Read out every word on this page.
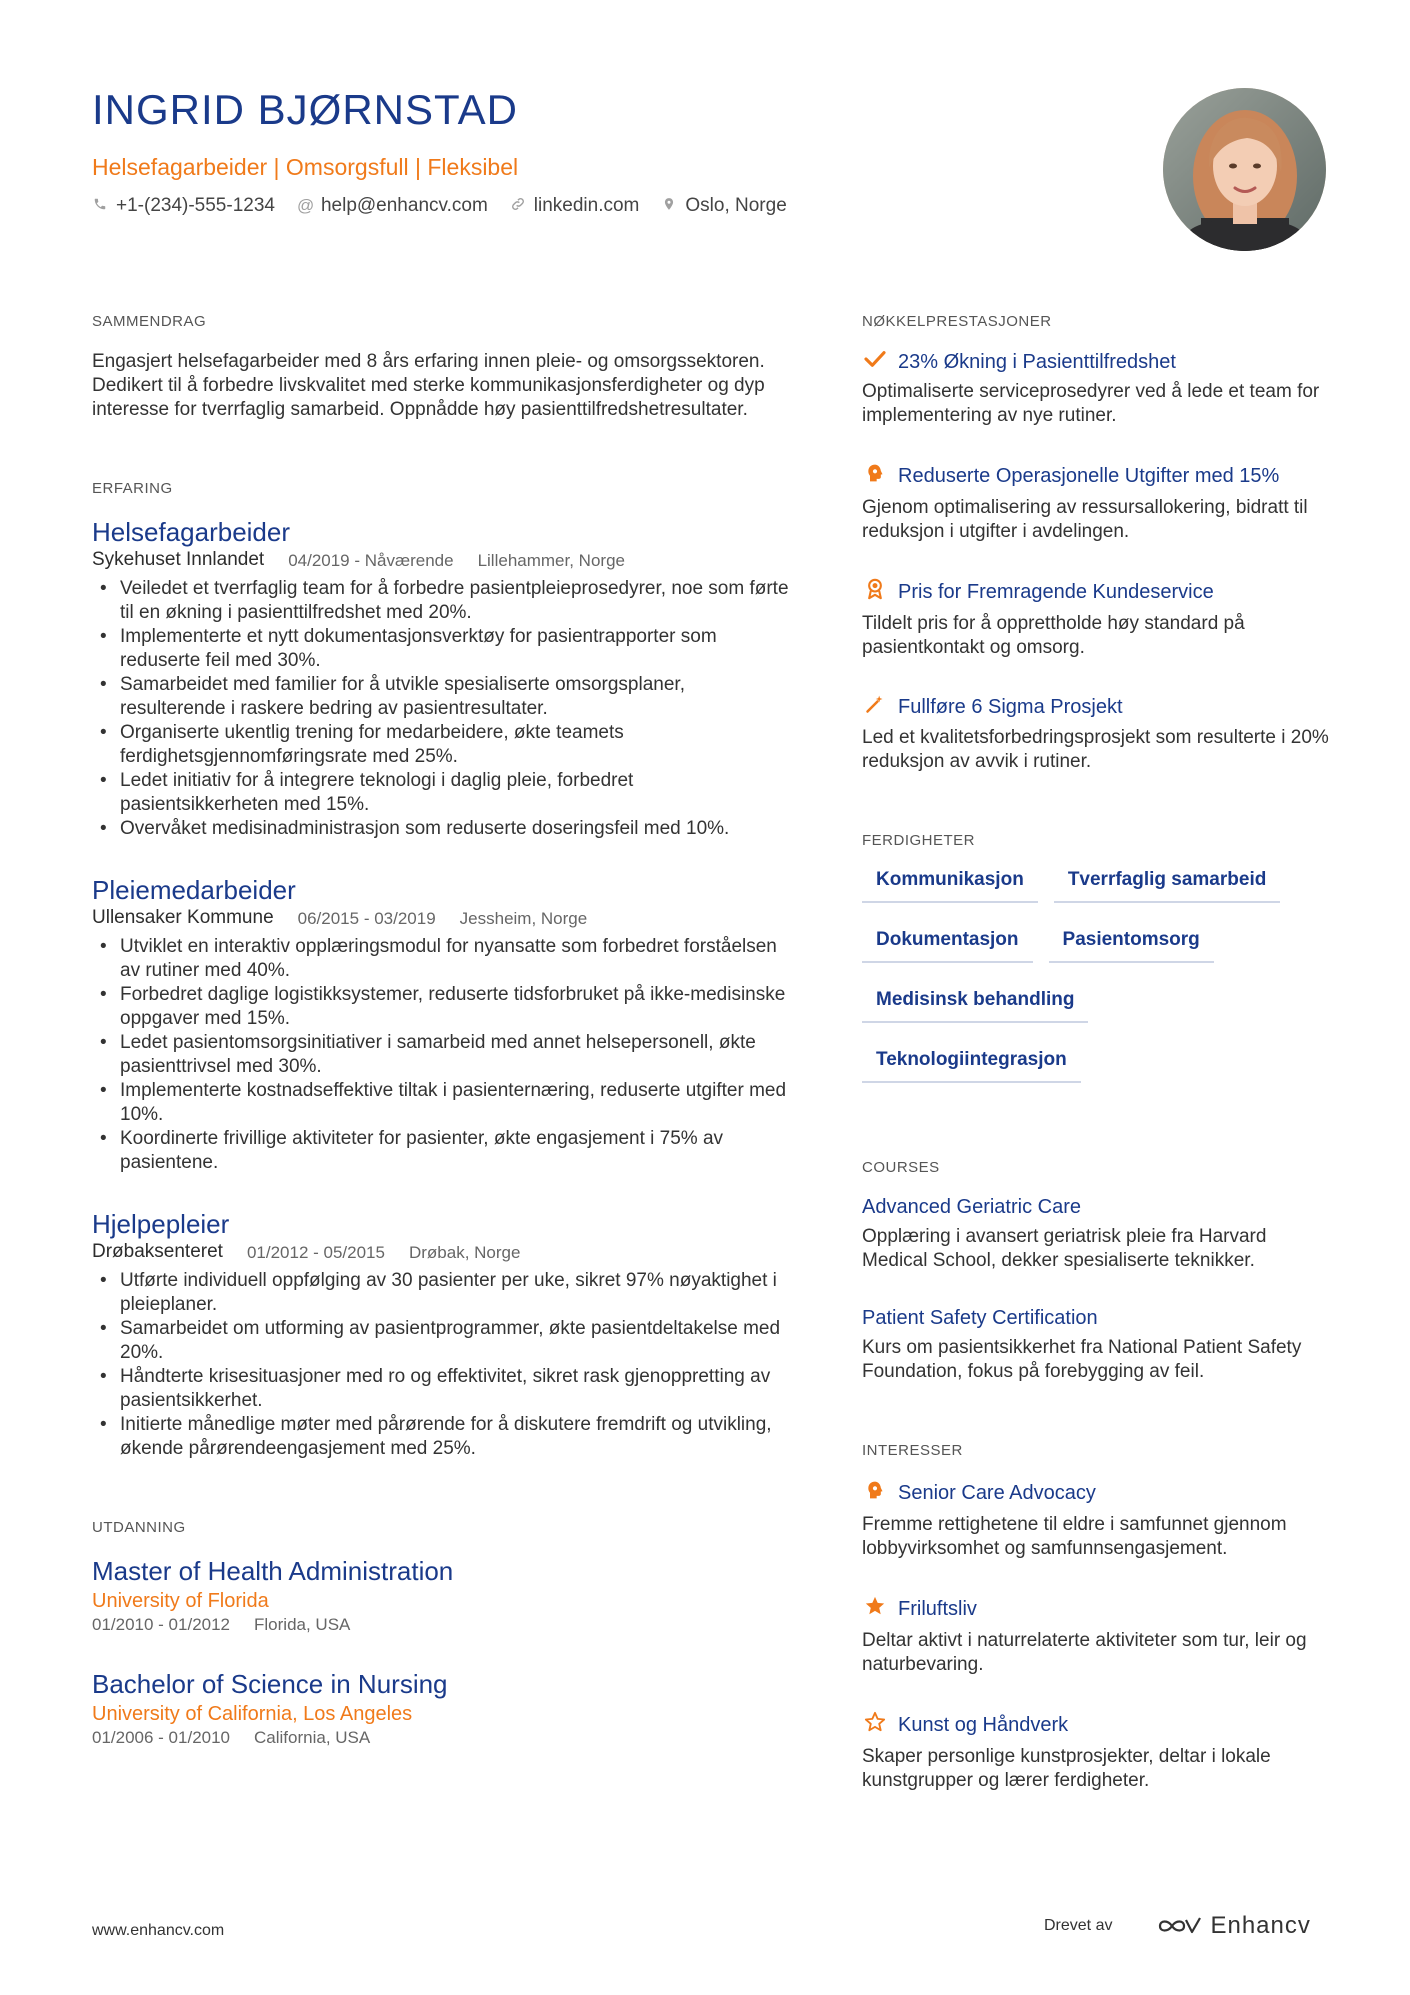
INGRID BJØRNSTAD
Helsefagarbeider | Omsorgsfull | Fleksibel
+1-(234)-555-1234 @ help@enhancv.com linkedin.com Oslo, Norge
SAMMENDRAG
Engasjert helsefagarbeider med 8 års erfaring innen pleie- og omsorgssektoren. Dedikert til å forbedre livskvalitet med sterke kommunikasjonsferdigheter og dyp interesse for tverrfaglig samarbeid. Oppnådde høy pasienttilfredshetresultater.
ERFARING
Helsefagarbeider
Sykehuset Innlandet 04/2019 - Nåværende Lillehammer, Norge
• Veiledet et tverrfaglig team for å forbedre pasientpleieprosedyrer, noe som førte til en økning i pasienttilfredshet med 20%.
• Implementerte et nytt dokumentasjonsverktøy for pasientrapporter som reduserte feil med 30%.
• Samarbeidet med familier for å utvikle spesialiserte omsorgsplaner, resulterende i raskere bedring av pasientresultater.
• Organiserte ukentlig trening for medarbeidere, økte teamets ferdighetsgjennomføringsrate med 25%.
• Ledet initiativ for å integrere teknologi i daglig pleie, forbedret pasientsikkerheten med 15%.
• Overvåket medisinadministrasjon som reduserte doseringsfeil med 10%.
Pleiemedarbeider
Ullensaker Kommune 06/2015 - 03/2019 Jessheim, Norge
• Utviklet en interaktiv opplæringsmodul for nyansatte som forbedret forståelsen av rutiner med 40%.
• Forbedret daglige logistikksystemer, reduserte tidsforbruket på ikke-medisinske oppgaver med 15%.
• Ledet pasientomsorgsinitiativer i samarbeid med annet helsepersonell, økte pasienttrivsel med 30%.
• Implementerte kostnadseffektive tiltak i pasienternæring, reduserte utgifter med 10%.
• Koordinerte frivillige aktiviteter for pasienter, økte engasjement i 75% av pasientene.
Hjelpepleier
Drøbaksenteret 01/2012 - 05/2015 Drøbak, Norge
• Utførte individuell oppfølging av 30 pasienter per uke, sikret 97% nøyaktighet i pleieplaner.
• Samarbeidet om utforming av pasientprogrammer, økte pasientdeltakelse med 20%.
• Håndterte krisesituasjoner med ro og effektivitet, sikret rask gjenoppretting av pasientsikkerhet.
• Initierte månedlige møter med pårørende for å diskutere fremdrift og utvikling, økende pårørendeengasjement med 25%.
UTDANNING
Master of Health Administration
University of Florida
01/2010 - 01/2012 Florida, USA
Bachelor of Science in Nursing
University of California, Los Angeles
01/2006 - 01/2010 California, USA
NØKKELPRESTASJONER
23% Økning i Pasienttilfredshet
Optimaliserte serviceprosedyrer ved å lede et team for implementering av nye rutiner.
Reduserte Operasjonelle Utgifter med 15%
Gjenom optimalisering av ressursallokering, bidratt til reduksjon i utgifter i avdelingen.
Pris for Fremragende Kundeservice
Tildelt pris for å opprettholde høy standard på pasientkontakt og omsorg.
Fullføre 6 Sigma Prosjekt
Led et kvalitetsforbedringsprosjekt som resulterte i 20% reduksjon av avvik i rutiner.
FERDIGHETER
Kommunikasjon	Tverrfaglig samarbeid
Dokumentasjon	Pasientomsorg
Medisinsk behandling
Teknologiintegrasjon
COURSES
Advanced Geriatric Care
Opplæring i avansert geriatrisk pleie fra Harvard Medical School, dekker spesialiserte teknikker.
Patient Safety Certification
Kurs om pasientsikkerhet fra National Patient Safety Foundation, fokus på forebygging av feil.
INTERESSER
Senior Care Advocacy
Fremme rettighetene til eldre i samfunnet gjennom lobbyvirksomhet og samfunnsengasjement.
Friluftsliv
Deltar aktivt i naturrelaterte aktiviteter som tur, leir og naturbevaring.
Kunst og Håndverk
Skaper personlige kunstprosjekter, deltar i lokale kunstgrupper og lærer ferdigheter.
www.enhancv.com	Drevet av	Enhancv
